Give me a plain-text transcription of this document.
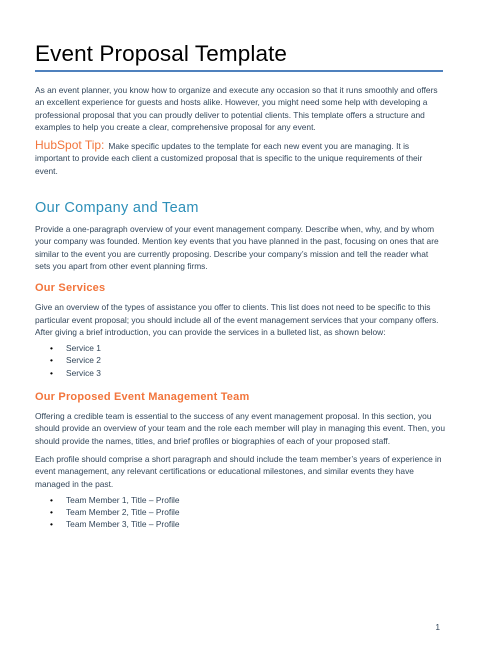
Event Proposal Template

As an event planner, you know how to organize and execute any occasion so that it runs smoothly and offers an excellent experience for guests and hosts alike. However, you might need some help with developing a professional proposal that you can proudly deliver to potential clients. This template offers a structure and examples to help you create a clear, comprehensive proposal for any event.

HubSpot Tip: Make specific updates to the template for each new event you are managing. It is important to provide each client a customized proposal that is specific to the unique requirements of their event.

Our Company and Team

Provide a one-paragraph overview of your event management company. Describe when, why, and by whom your company was founded. Mention key events that you have planned in the past, focusing on ones that are similar to the event you are currently proposing. Describe your company’s mission and tell the reader what sets you apart from other event planning firms.

Our Services

Give an overview of the types of assistance you offer to clients. This list does not need to be specific to this particular event proposal; you should include all of the event management services that your company offers. After giving a brief introduction, you can provide the services in a bulleted list, as shown below:

• Service 1
• Service 2
• Service 3
Our Proposed Event Management Team

Offering a credible team is essential to the success of any event management proposal. In this section, you should provide an overview of your team and the role each member will play in managing this event. Then, you should provide the names, titles, and brief profiles or biographies of each of your proposed staff.

Each profile should comprise a short paragraph and should include the team member’s years of experience in event management, any relevant certifications or educational milestones, and similar events they have managed in the past.

• Team Member 1, Title – Profile
• Team Member 2, Title – Profile
• Team Member 3, Title – Profile
1
